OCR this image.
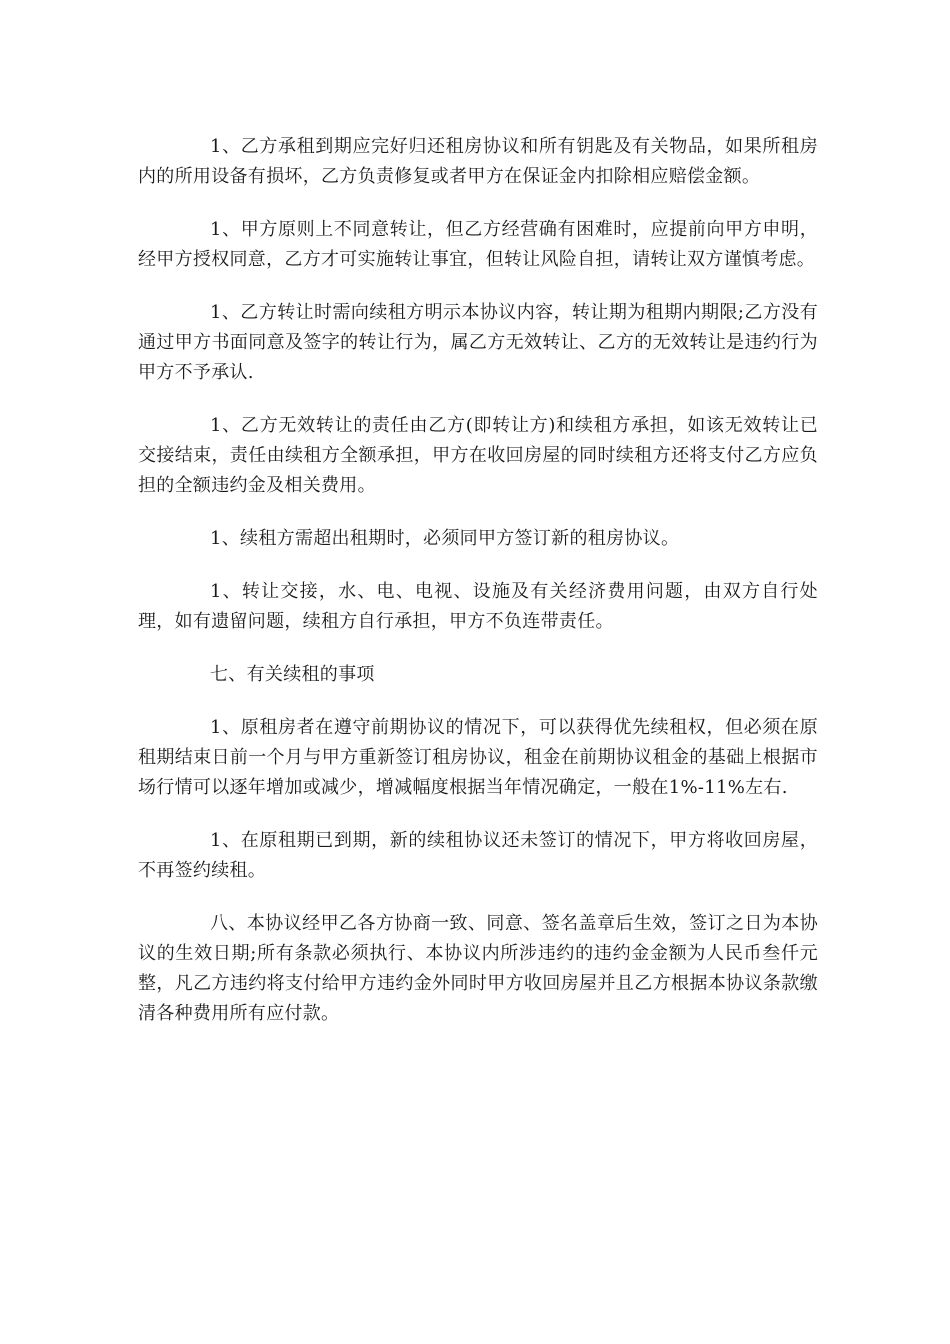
1、乙方承租到期应完好归还租房协议和所有钥匙及有关物品，如果所租房内的所用设备有损坏，乙方负责修复或者甲方在保证金内扣除相应赔偿金额。

1、甲方原则上不同意转让，但乙方经营确有困难时，应提前向甲方申明，经甲方授权同意，乙方才可实施转让事宜，但转让风险自担，请转让双方谨慎考虑。

1、乙方转让时需向续租方明示本协议内容，转让期为租期内期限;乙方没有通过甲方书面同意及签字的转让行为，属乙方无效转让、乙方的无效转让是违约行为甲方不予承认.

1、乙方无效转让的责任由乙方(即转让方)和续租方承担，如该无效转让已交接结束，责任由续租方全额承担，甲方在收回房屋的同时续租方还将支付乙方应负担的全额违约金及相关费用。

1、续租方需超出租期时，必须同甲方签订新的租房协议。

1、转让交接，水、电、电视、设施及有关经济费用问题，由双方自行处理，如有遗留问题，续租方自行承担，甲方不负连带责任。

七、有关续租的事项

1、原租房者在遵守前期协议的情况下，可以获得优先续租权，但必须在原租期结束日前一个月与甲方重新签订租房协议，租金在前期协议租金的基础上根据市场行情可以逐年增加或减少，增减幅度根据当年情况确定，一般在1%-11%左右.

1、在原租期已到期，新的续租协议还未签订的情况下，甲方将收回房屋，不再签约续租。

八、本协议经甲乙各方协商一致、同意、签名盖章后生效，签订之日为本协议的生效日期;所有条款必须执行、本协议内所涉违约的违约金金额为人民币叁仟元整，凡乙方违约将支付给甲方违约金外同时甲方收回房屋并且乙方根据本协议条款缴清各种费用所有应付款。
